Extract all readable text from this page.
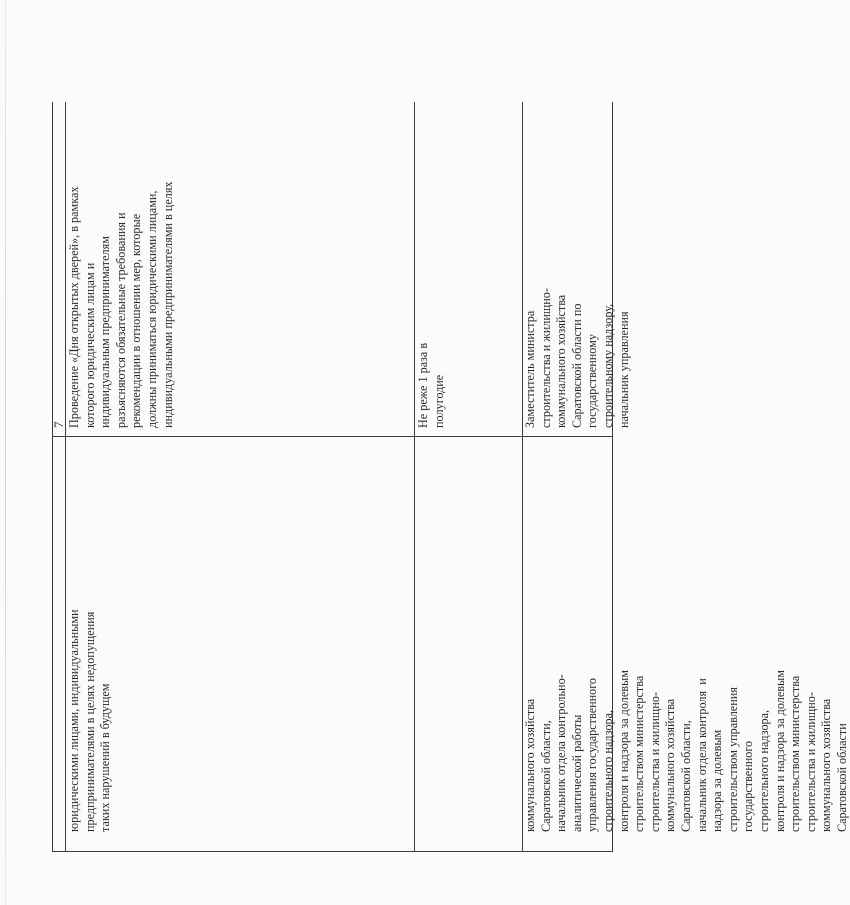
юридическими лицами, индивидуальными
предпринимателями в целях недопущения
таких нарушений в будущем
коммунального хозяйства
Саратовской области,
начальник отдела контрольно-
аналитической работы
управления государственного
строительного надзора,
контроля и надзора за долевым
строительством министерства
строительства и жилищно-
коммунального хозяйства
Саратовской области,
начальник отдела контроля  и
надзора за долевым
строительством управления
государственного
строительного надзора,
контроля и надзора за долевым
строительством министерства
строительства и жилищно-
коммунального хозяйства
Саратовской области
7 Проведение «Дня открытых дверей», в рамках
которого юридическим лицам и
индивидуальным предпринимателям
разъясняются обязательные требования и
рекомендации в отношении мер, которые
должны приниматься юридическими лицами,
индивидуальными предпринимателями в целях
Не реже 1 раза в
полугодие	Заместитель министра
строительства и жилищно-
коммунального хозяйства
Саратовской области по
государственному
строительному надзору,
начальник управления
